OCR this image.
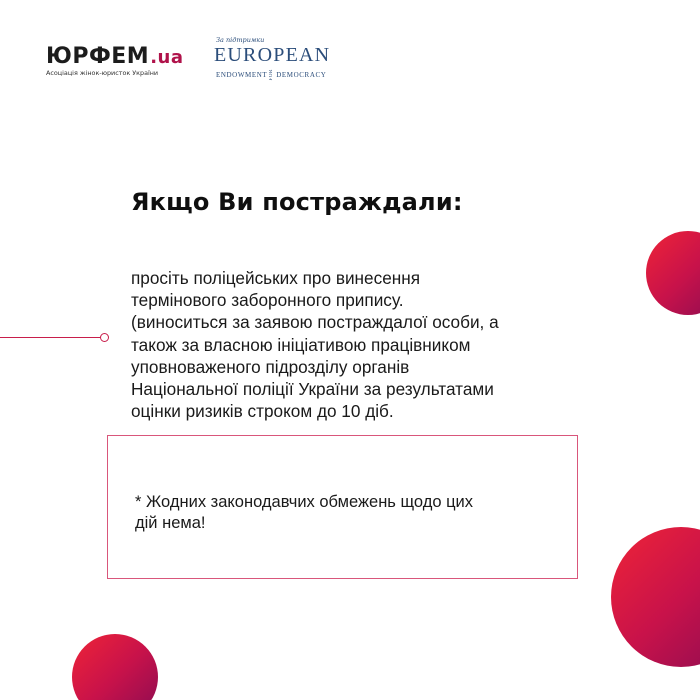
ЮРФЕМ .ua
Асоціація жінок-юристок України
За підтримки
EUROPEAN
ENDOWMENT FOR DEMOCRACY
Якщо Ви постраждали:
просіть поліцейських про винесення
термінового заборонного припису.
(виноситься за заявою постраждалої особи, а
також за власною ініціативою працівником
уповноваженого підрозділу органів
Національної поліції України за результатами
оцінки ризиків строком до 10 діб.
* Жодних законодавчих обмежень щодо цих
дій нема!
